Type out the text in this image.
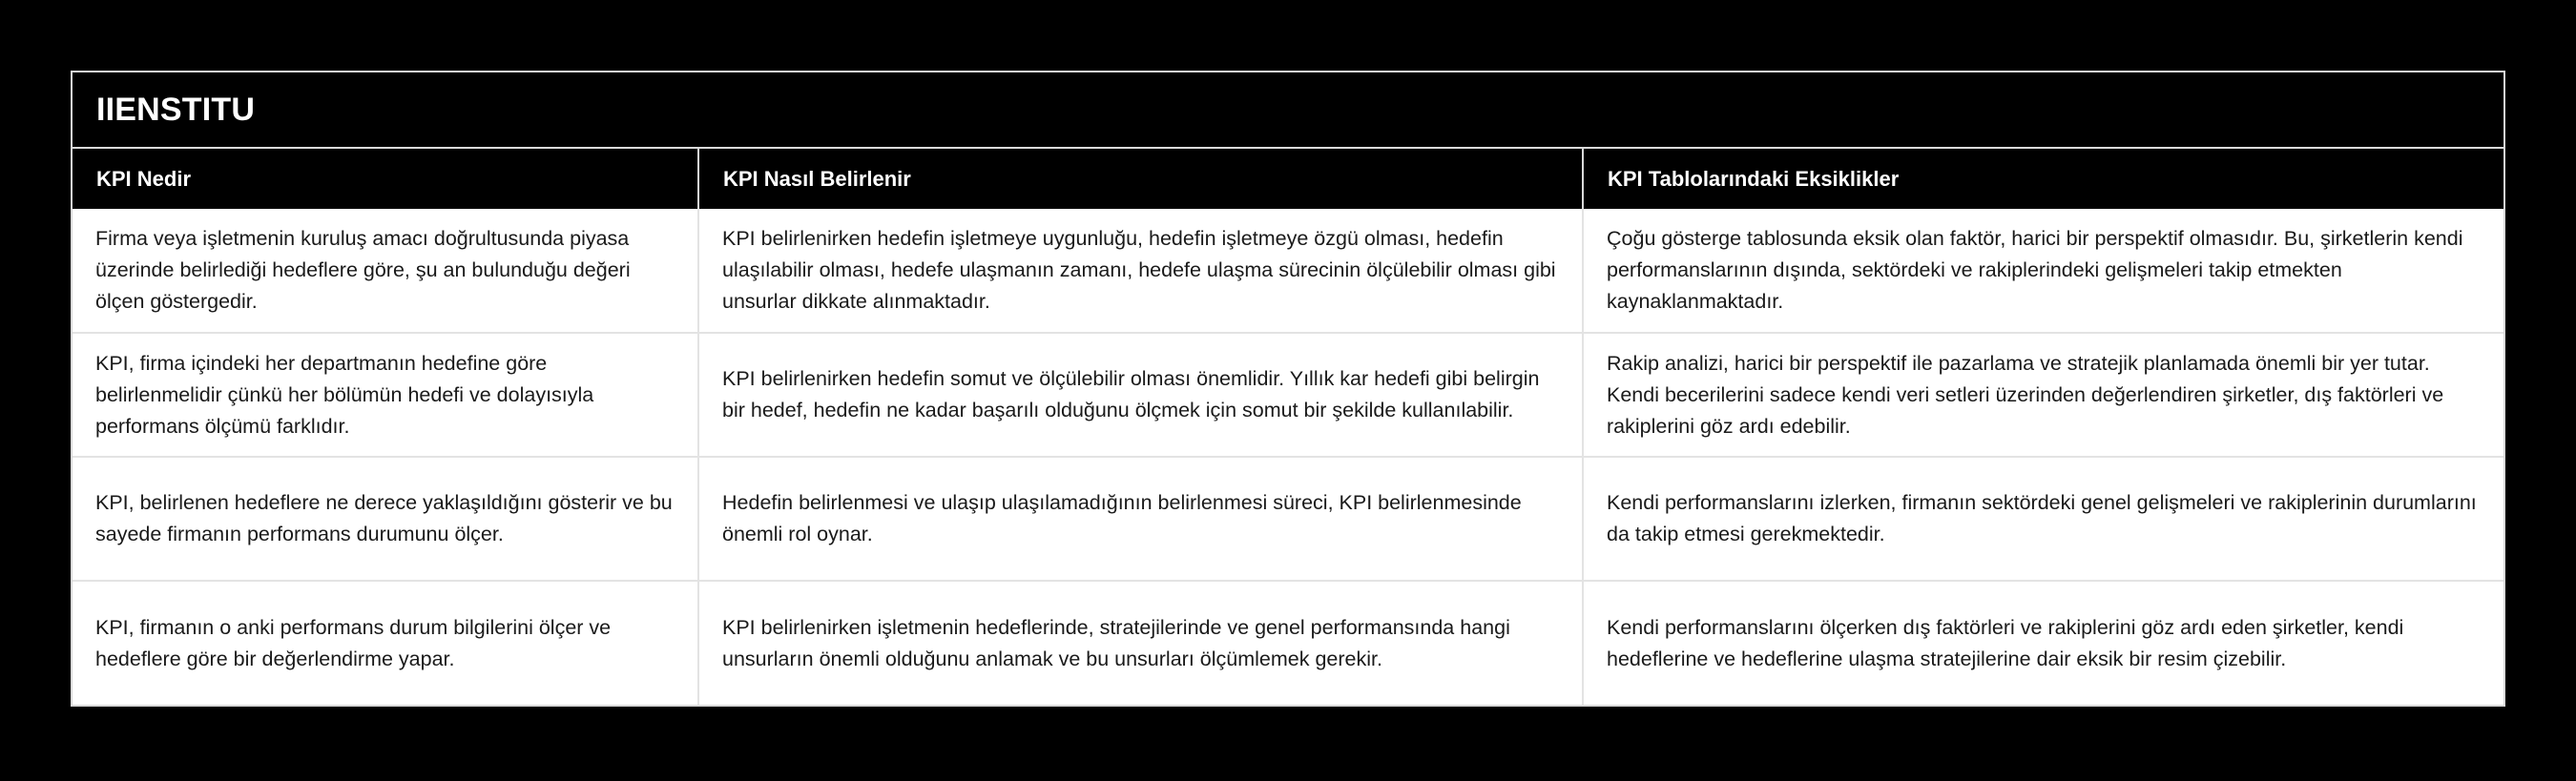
IIENSTITU
KPI Nedir	KPI Nasıl Belirlenir	KPI Tablolarındaki Eksiklikler
Firma veya işletmenin kuruluş amacı doğrultusunda piyasa üzerinde belirlediği hedeflere göre, şu an bulunduğu değeri ölçen göstergedir.	KPI belirlenirken hedefin işletmeye uygunluğu, hedefin işletmeye özgü olması, hedefin ulaşılabilir olması, hedefe ulaşmanın zamanı, hedefe ulaşma sürecinin ölçülebilir olması gibi unsurlar dikkate alınmaktadır.	Çoğu gösterge tablosunda eksik olan faktör, harici bir perspektif olmasıdır. Bu, şirketlerin kendi performanslarının dışında, sektördeki ve rakiplerindeki gelişmeleri takip etmekten kaynaklanmaktadır.
KPI, firma içindeki her departmanın hedefine göre belirlenmelidir çünkü her bölümün hedefi ve dolayısıyla performans ölçümü farklıdır.	KPI belirlenirken hedefin somut ve ölçülebilir olması önemlidir. Yıllık kar hedefi gibi belirgin bir hedef, hedefin ne kadar başarılı olduğunu ölçmek için somut bir şekilde kullanılabilir.	Rakip analizi, harici bir perspektif ile pazarlama ve stratejik planlamada önemli bir yer tutar. Kendi becerilerini sadece kendi veri setleri üzerinden değerlendiren şirketler, dış faktörleri ve rakiplerini göz ardı edebilir.
KPI, belirlenen hedeflere ne derece yaklaşıldığını gösterir ve bu sayede firmanın performans durumunu ölçer.	Hedefin belirlenmesi ve ulaşıp ulaşılamadığının belirlenmesi süreci, KPI belirlenmesinde önemli rol oynar.	Kendi performanslarını izlerken, firmanın sektördeki genel gelişmeleri ve rakiplerinin durumlarını da takip etmesi gerekmektedir.
KPI, firmanın o anki performans durum bilgilerini ölçer ve hedeflere göre bir değerlendirme yapar.	KPI belirlenirken işletmenin hedeflerinde, stratejilerinde ve genel performansında hangi unsurların önemli olduğunu anlamak ve bu unsurları ölçümlemek gerekir.	Kendi performanslarını ölçerken dış faktörleri ve rakiplerini göz ardı eden şirketler, kendi hedeflerine ve hedeflerine ulaşma stratejilerine dair eksik bir resim çizebilir.
